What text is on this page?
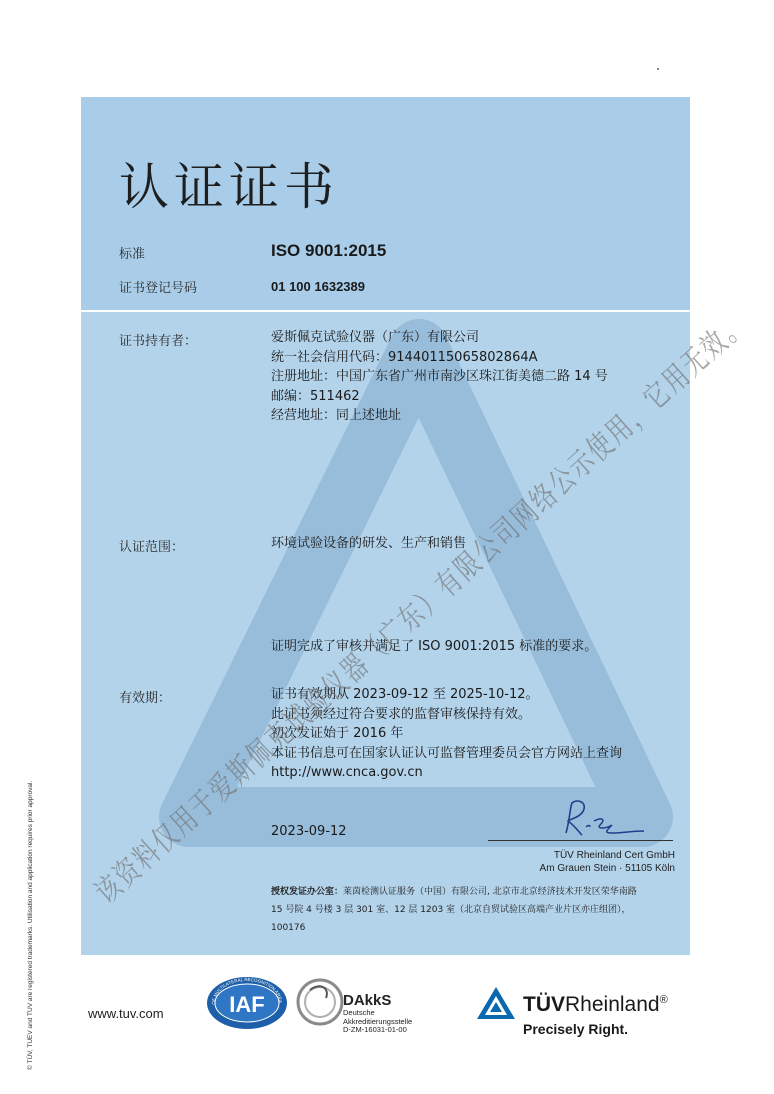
认证证书
标准	ISO 9001:2015
证书登记号码	01 100 1632389
证书持有者：	爱斯佩克试验仪器（广东）有限公司
统一社会信用代码：91440115065802864A
注册地址：中国广东省广州市南沙区珠江街美德二路 14 号
邮编：511462
经营地址：同上述地址
认证范围：	环境试验设备的研发、生产和销售
证明完成了审核并满足了 ISO 9001:2015 标准的要求。
有效期：	证书有效期从 2023-09-12 至 2025-10-12。
此证书须经过符合要求的监督审核保持有效。
初次发证始于 2016 年
本证书信息可在国家认证认可监督管理委员会官方网站上查询
http://www.cnca.gov.cn
2023-09-12
TÜV Rheinland Cert GmbH
Am Grauen Stein · 51105 Köln
授权发证办公室：莱茵检测认证服务（中国）有限公司, 北京市北京经济技术开发区荣华南路
15 号院 4 号楼 3 层 301 室、12 层 1203 室（北京自贸试验区高端产业片区亦庄组团），
100176
© TÜV, TUEV and TUV are registered trademarks. Utilisation and application requires prior approval.	www.tuv.com
OF MULTILATERAL RECOGNITION ARRA
IAF	DAkkS
Deutsche
Akkreditierungsstelle
D-ZM-16031-01-00
TÜVRheinland®
Precisely Right.
